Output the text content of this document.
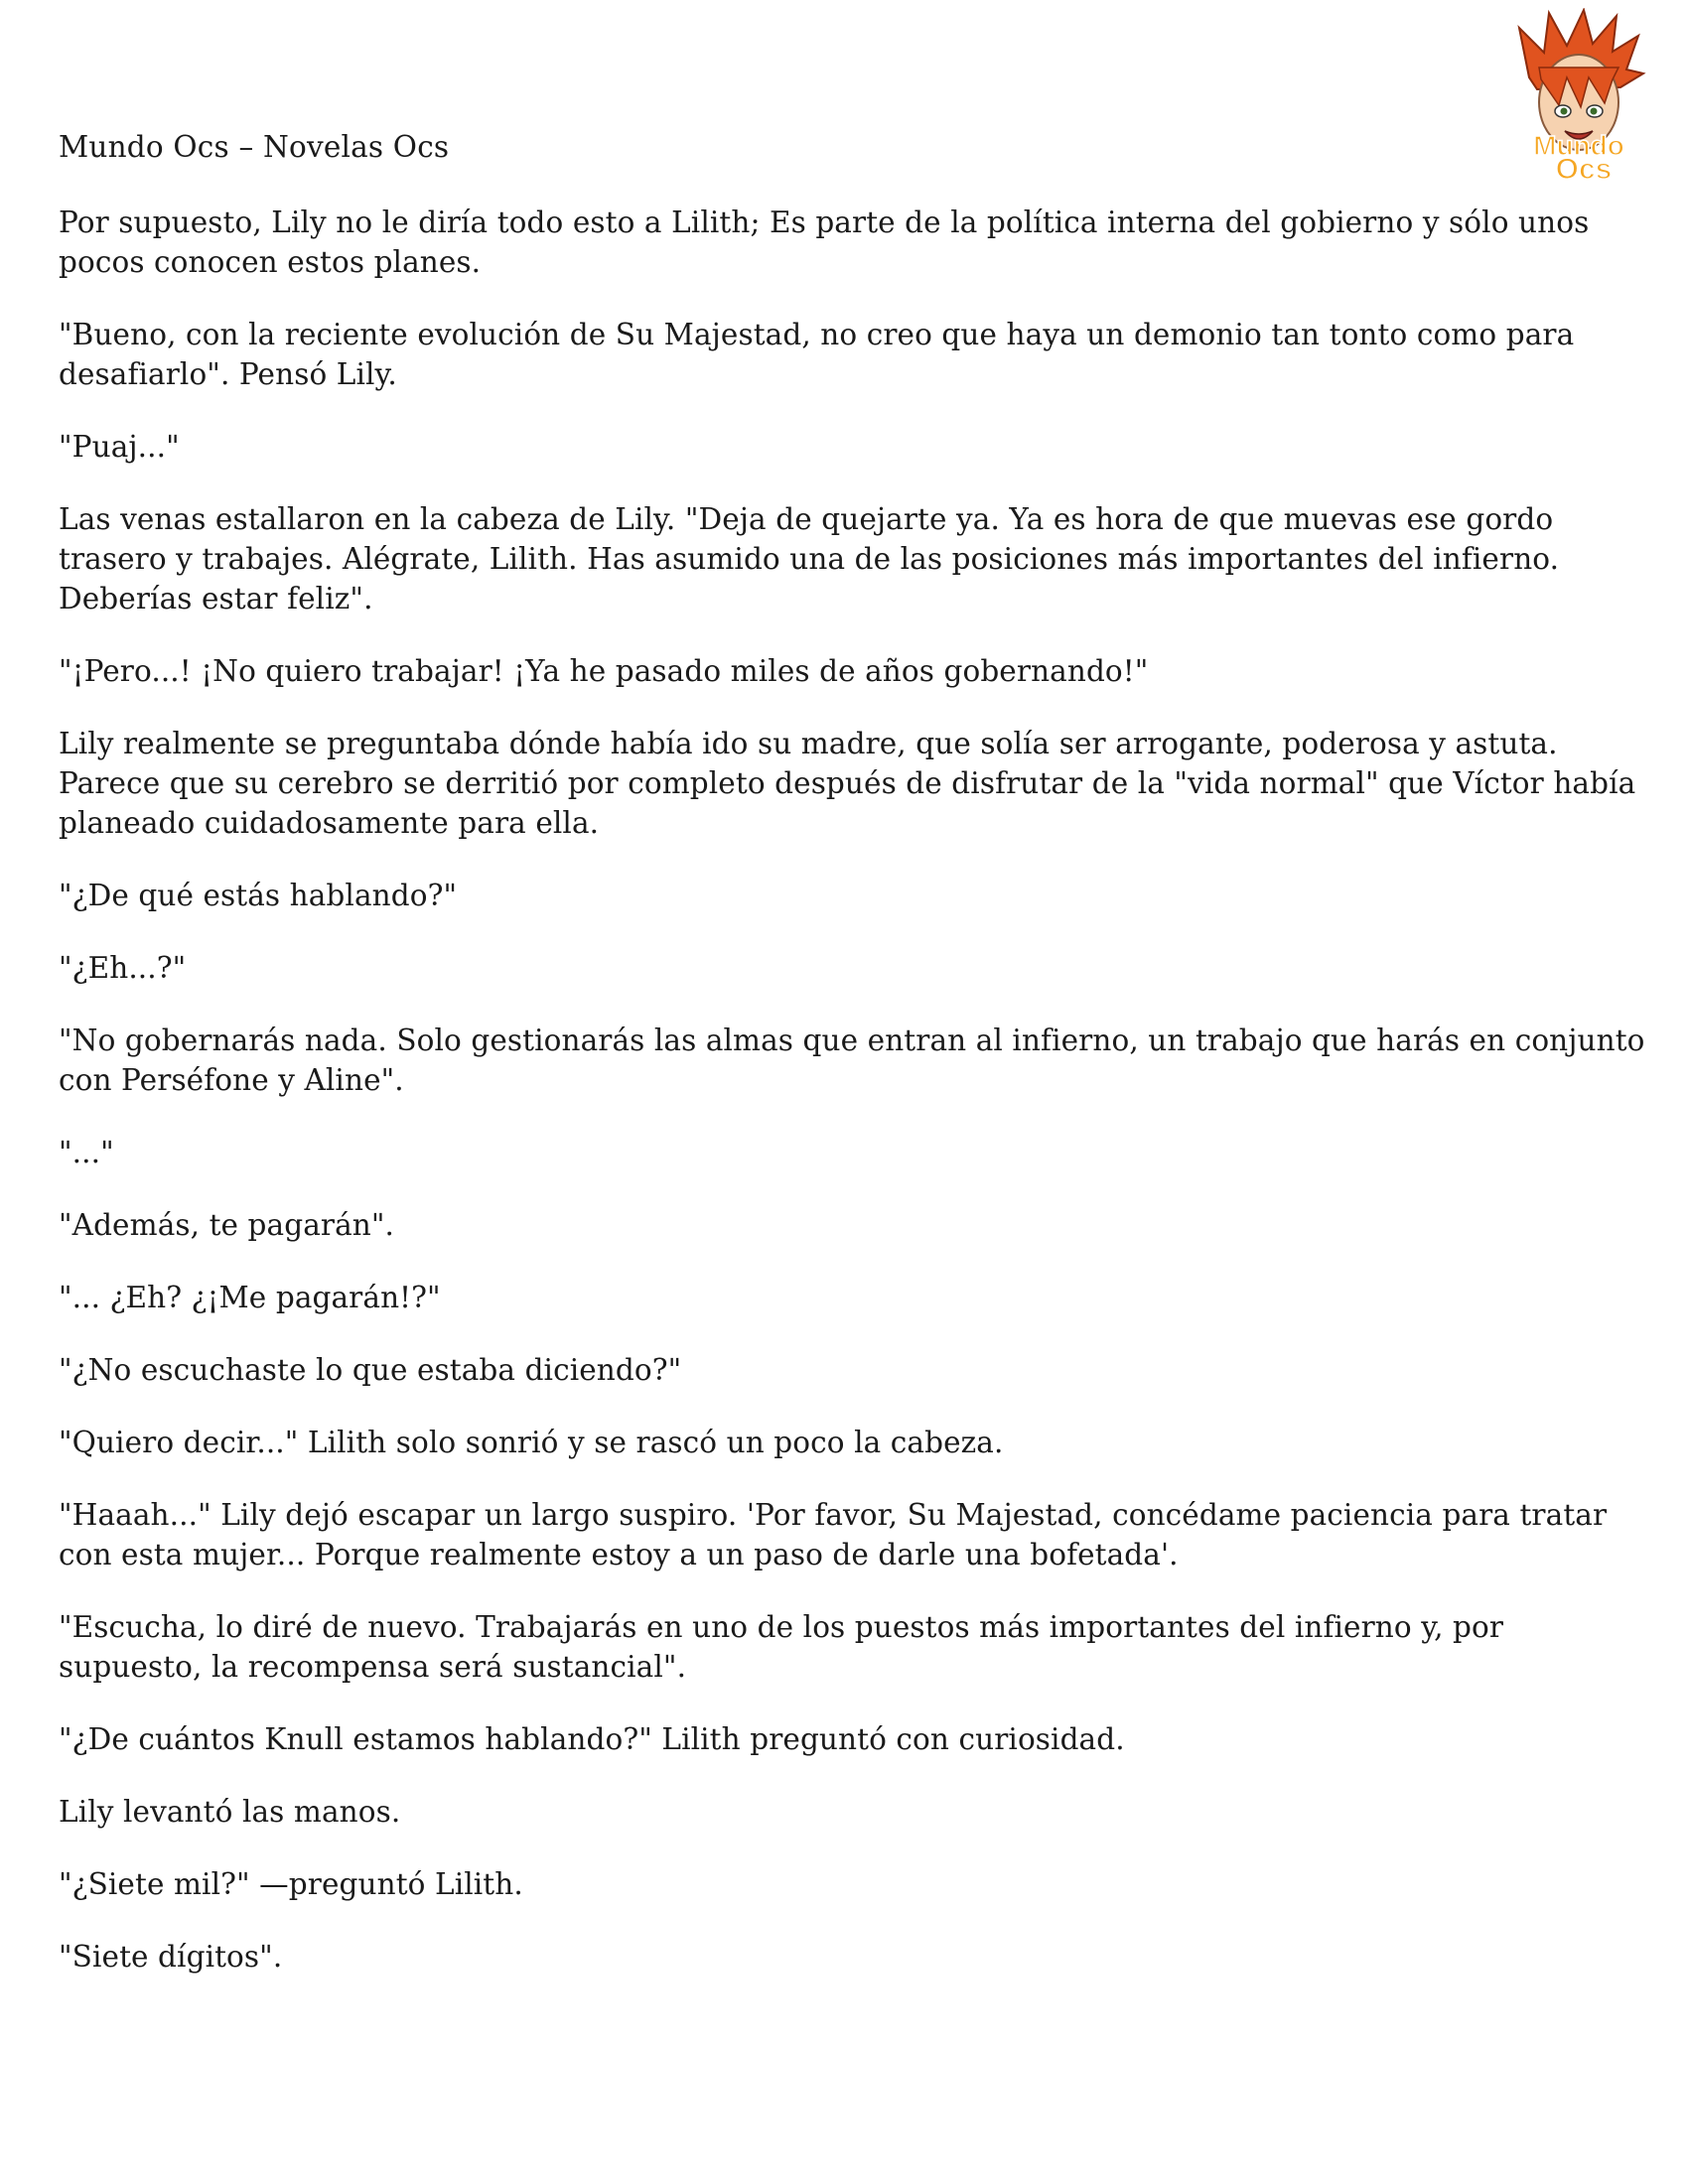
Mundo Ocs – Novelas Ocs	Mundo
Ocs

Por supuesto, Lily no le diría todo esto a Lilith; Es parte de la política interna del gobierno y sólo unos pocos conocen estos planes.

"Bueno, con la reciente evolución de Su Majestad, no creo que haya un demonio tan tonto como para desafiarlo". Pensó Lily.

"Puaj..."

Las venas estallaron en la cabeza de Lily. "Deja de quejarte ya. Ya es hora de que muevas ese gordo trasero y trabajes. Alégrate, Lilith. Has asumido una de las posiciones más importantes del infierno. Deberías estar feliz".

"¡Pero...! ¡No quiero trabajar! ¡Ya he pasado miles de años gobernando!"

Lily realmente se preguntaba dónde había ido su madre, que solía ser arrogante, poderosa y astuta. Parece que su cerebro se derritió por completo después de disfrutar de la "vida normal" que Víctor había planeado cuidadosamente para ella.

"¿De qué estás hablando?"

"¿Eh...?"

"No gobernarás nada. Solo gestionarás las almas que entran al infierno, un trabajo que harás en conjunto con Perséfone y Aline".

"..."

"Además, te pagarán".

"... ¿Eh? ¿¡Me pagarán!?"

"¿No escuchaste lo que estaba diciendo?"

"Quiero decir..." Lilith solo sonrió y se rascó un poco la cabeza.

"Haaah..." Lily dejó escapar un largo suspiro. 'Por favor, Su Majestad, concédame paciencia para tratar con esta mujer... Porque realmente estoy a un paso de darle una bofetada'.

"Escucha, lo diré de nuevo. Trabajarás en uno de los puestos más importantes del infierno y, por supuesto, la recompensa será sustancial".

"¿De cuántos Knull estamos hablando?" Lilith preguntó con curiosidad.

Lily levantó las manos.

"¿Siete mil?" —preguntó Lilith.

"Siete dígitos".
